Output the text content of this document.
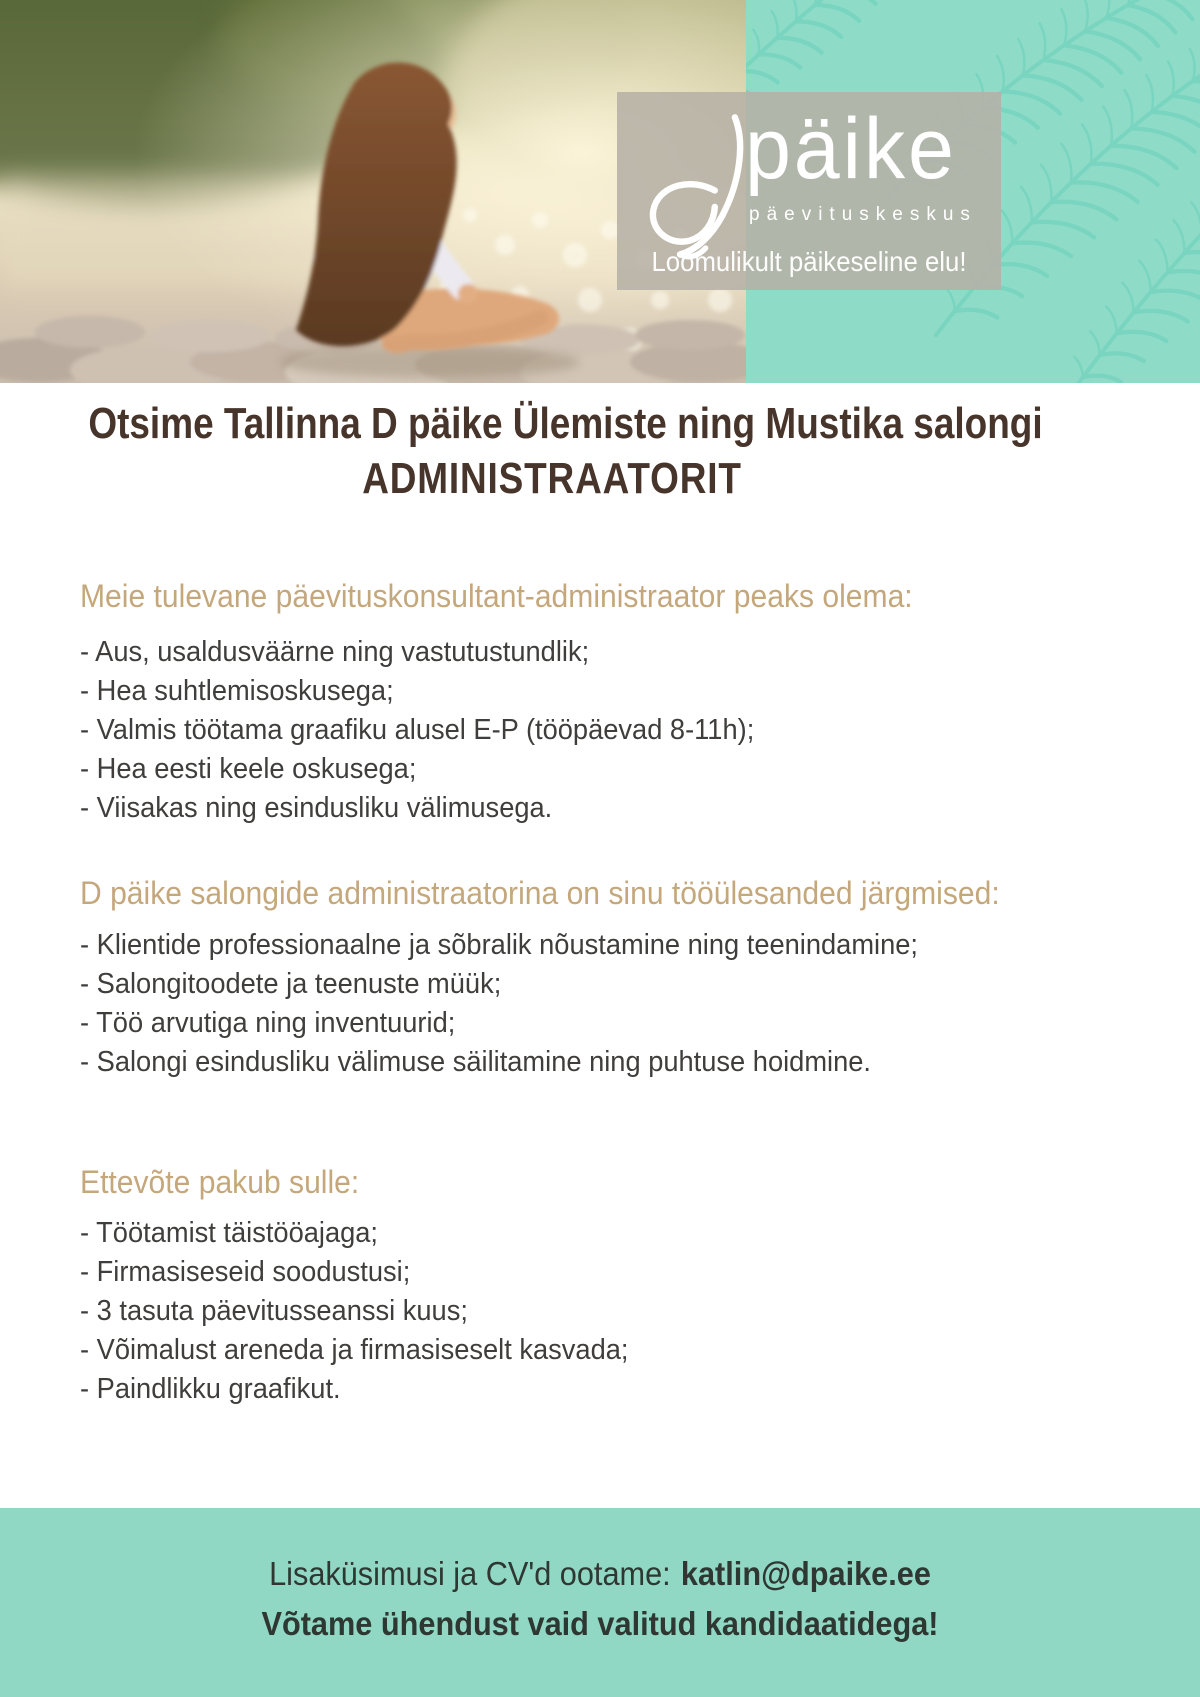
päike
päevituskeskus
Loomulikult päikeseline elu!
Otsime Tallinna D päike Ülemiste ning Mustika salongi
ADMINISTRAATORIT
Meie tulevane päevituskonsultant-administraator peaks olema:
- Aus, usaldusväärne ning vastutustundlik;
- Hea suhtlemisoskusega;
- Valmis töötama graafiku alusel E-P (tööpäevad 8-11h);
- Hea eesti keele oskusega;
- Viisakas ning esindusliku välimusega.
D päike salongide administraatorina on sinu tööülesanded järgmised:
- Klientide professionaalne ja sõbralik nõustamine ning teenindamine;
- Salongitoodete ja teenuste müük;
- Töö arvutiga ning inventuurid;
- Salongi esindusliku välimuse säilitamine ning puhtuse hoidmine.
Ettevõte pakub sulle:
- Töötamist täistööajaga;
- Firmasiseseid soodustusi;
- 3 tasuta päevitusseanssi kuus;
- Võimalust areneda ja firmasiseselt kasvada;
- Paindlikku graafikut.
Lisaküsimusi ja CV'd ootame: katlin@dpaike.ee
Võtame ühendust vaid valitud kandidaatidega!
